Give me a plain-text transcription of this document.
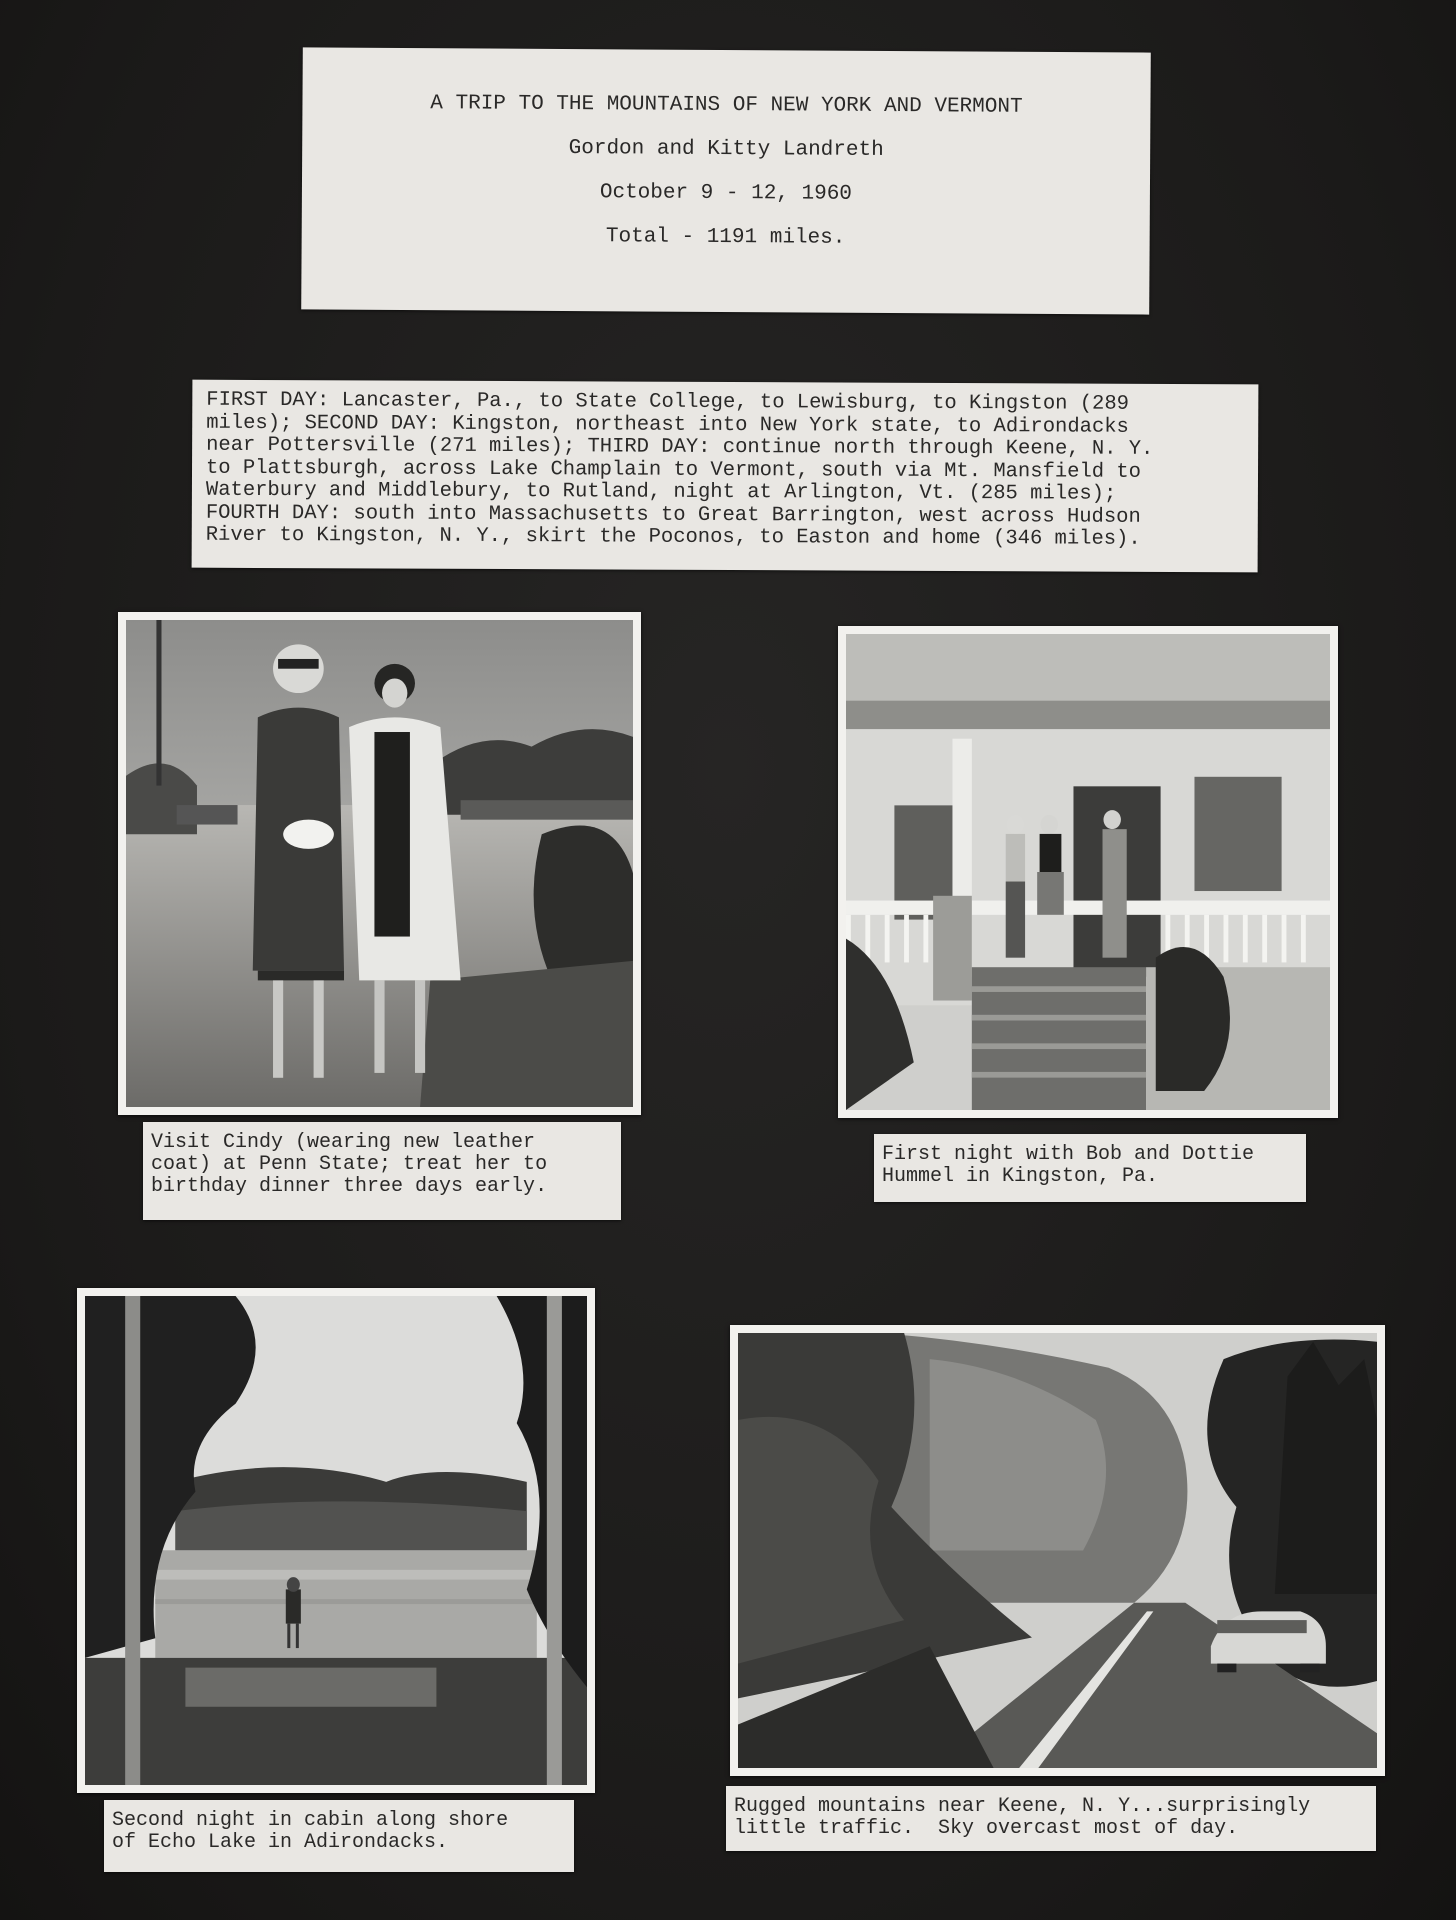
A TRIP TO THE MOUNTAINS OF NEW YORK AND VERMONT
Gordon and Kitty Landreth
October 9 - 12, 1960
Total - 1191 miles.
FIRST DAY: Lancaster, Pa., to State College, to Lewisburg, to Kingston (289
miles); SECOND DAY: Kingston, northeast into New York state, to Adirondacks
near Pottersville (271 miles); THIRD DAY: continue north through Keene, N. Y.
to Plattsburgh, across Lake Champlain to Vermont, south via Mt. Mansfield to
Waterbury and Middlebury, to Rutland, night at Arlington, Vt. (285 miles);
FOURTH DAY: south into Massachusetts to Great Barrington, west across Hudson
River to Kingston, N. Y., skirt the Poconos, to Easton and home (346 miles).
Visit Cindy (wearing new leather
coat) at Penn State; treat her to
birthday dinner three days early.
First night with Bob and Dottie
Hummel in Kingston, Pa.
Second night in cabin along shore
of Echo Lake in Adirondacks.
Rugged mountains near Keene, N. Y...surprisingly
little traffic.  Sky overcast most of day.
